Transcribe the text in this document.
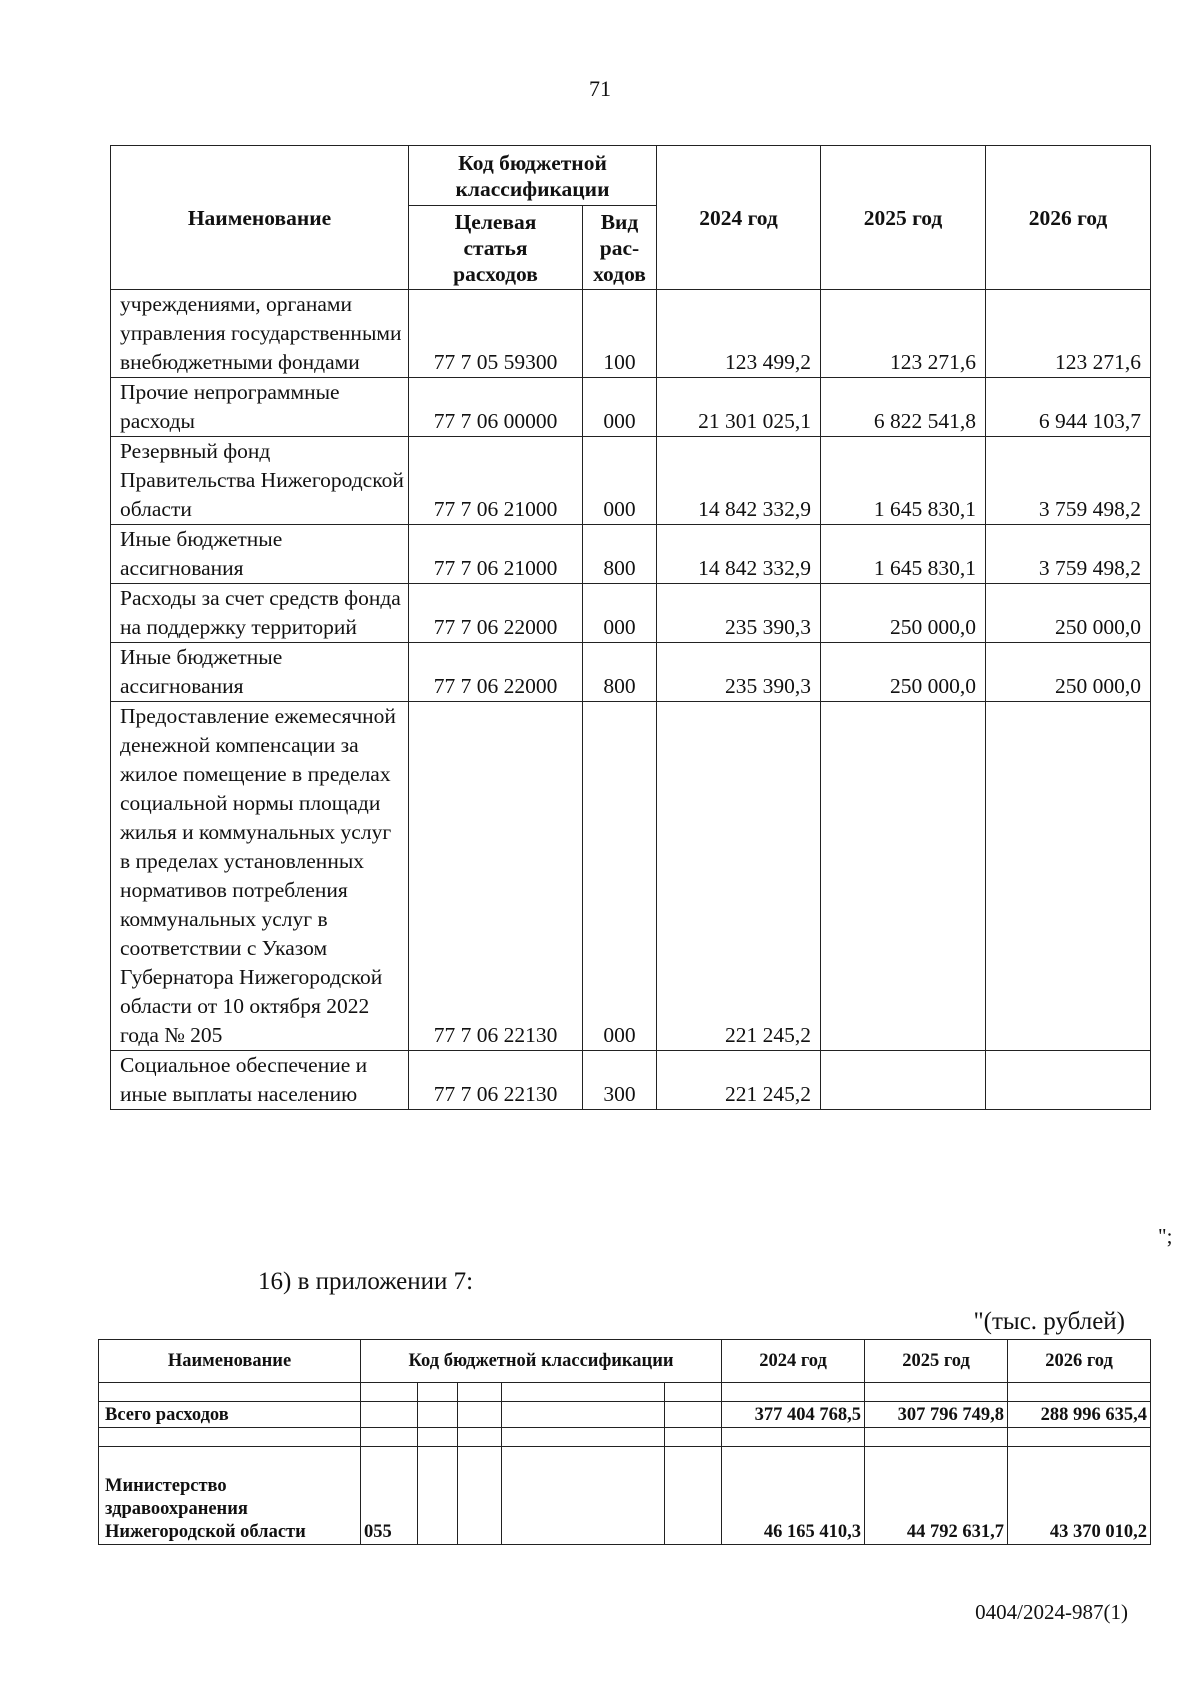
71
Наименование	Код бюджетной классификации		2024 год	2025 год	2026 год
	Целевая статья расходов	Вид рас-ходов			
учреждениями, органами управления государственными внебюджетными фондами	77 7 05 59300	100	123 499,2	123 271,6	123 271,6
Прочие непрограммные расходы	77 7 06 00000	000	21 301 025,1	6 822 541,8	6 944 103,7
Резервный фонд Правительства Нижегородской области	77 7 06 21000	000	14 842 332,9	1 645 830,1	3 759 498,2
Иные бюджетные ассигнования	77 7 06 21000	800	14 842 332,9	1 645 830,1	3 759 498,2
Расходы за счет средств фонда на поддержку территорий	77 7 06 22000	000	235 390,3	250 000,0	250 000,0
Иные бюджетные ассигнования	77 7 06 22000	800	235 390,3	250 000,0	250 000,0
Предоставление ежемесячной денежной компенсации за жилое помещение в пределах социальной нормы площади жилья и коммунальных услуг в пределах установленных нормативов потребления коммунальных услуг в соответствии с Указом Губернатора Нижегородской области от 10 октября 2022 года № 205	77 7 06 22130	000	221 245,2		
Социальное обеспечение и иные выплаты населению	77 7 06 22130	300	221 245,2		
";
16) в приложении 7:
"(тыс. рублей)
Наименование	Код бюджетной классификации					2024 год	2025 год	2026 год

Всего расходов						377 404 768,5	307 796 749,8	288 996 635,4

Министерство здравоохранения Нижегородской области	055					46 165 410,3	44 792 631,7	43 370 010,2
0404/2024-987(1)
